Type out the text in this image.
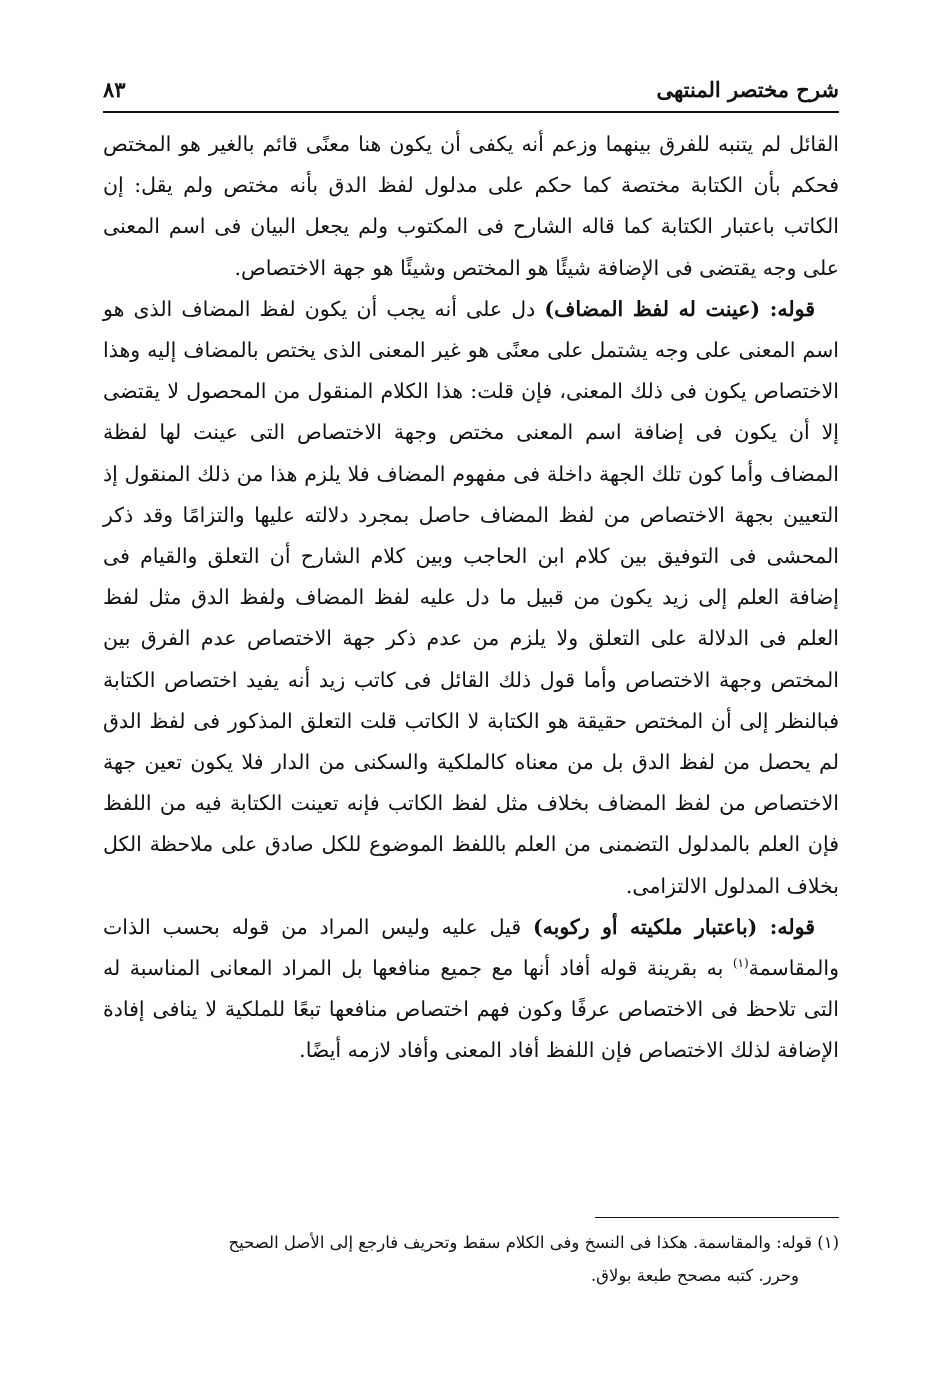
شرح مختصر المنتهى
٨٣

القائل لم يتنبه للفرق بينهما وزعم أنه يكفى أن يكون هنا معنًى قائم بالغير هو المختص فحكم بأن الكتابة مختصة كما حكم على مدلول لفظ الدق بأنه مختص ولم يقل: إن الكاتب باعتبار الكتابة كما قاله الشارح فى المكتوب ولم يجعل البيان فى اسم المعنى على وجه يقتضى فى الإضافة شيئًا هو المختص وشيئًا هو جهة الاختصاص.

قوله: (عينت له لفظ المضاف) دل على أنه يجب أن يكون لفظ المضاف الذى هو اسم المعنى على وجه يشتمل على معنًى هو غير المعنى الذى يختص بالمضاف إليه وهذا الاختصاص يكون فى ذلك المعنى، فإن قلت: هذا الكلام المنقول من المحصول لا يقتضى إلا أن يكون فى إضافة اسم المعنى مختص وجهة الاختصاص التى عينت لها لفظة المضاف وأما كون تلك الجهة داخلة فى مفهوم المضاف فلا يلزم هذا من ذلك المنقول إذ التعيين بجهة الاختصاص من لفظ المضاف حاصل بمجرد دلالته عليها والتزامًا وقد ذكر المحشى فى التوفيق بين كلام ابن الحاجب وبين كلام الشارح أن التعلق والقيام فى إضافة العلم إلى زيد يكون من قبيل ما دل عليه لفظ المضاف ولفظ الدق مثل لفظ العلم فى الدلالة على التعلق ولا يلزم من عدم ذكر جهة الاختصاص عدم الفرق بين المختص وجهة الاختصاص وأما قول ذلك القائل فى كاتب زيد أنه يفيد اختصاص الكتابة فبالنظر إلى أن المختص حقيقة هو الكتابة لا الكاتب قلت التعلق المذكور فى لفظ الدق لم يحصل من لفظ الدق بل من معناه كالملكية والسكنى من الدار فلا يكون تعين جهة الاختصاص من لفظ المضاف بخلاف مثل لفظ الكاتب فإنه تعينت الكتابة فيه من اللفظ فإن العلم بالمدلول التضمنى من العلم باللفظ الموضوع للكل صادق على ملاحظة الكل بخلاف المدلول الالتزامى.

قوله: (باعتبار ملكيته أو ركوبه) قيل عليه وليس المراد من قوله بحسب الذات والمقاسمة$^{(١)}$ به بقرينة قوله أفاد أنها مع جميع منافعها بل المراد المعانى المناسبة له التى تلاحظ فى الاختصاص عرفًا وكون فهم اختصاص منافعها تبعًا للملكية لا ينافى إفادة الإضافة لذلك الاختصاص فإن اللفظ أفاد المعنى وأفاد لازمه أيضًا.

(١) قوله: والمقاسمة. هكذا فى النسخ وفى الكلام سقط وتحريف فارجع إلى الأصل الصحيح

وحرر. كتبه مصحح طبعة بولاق.
